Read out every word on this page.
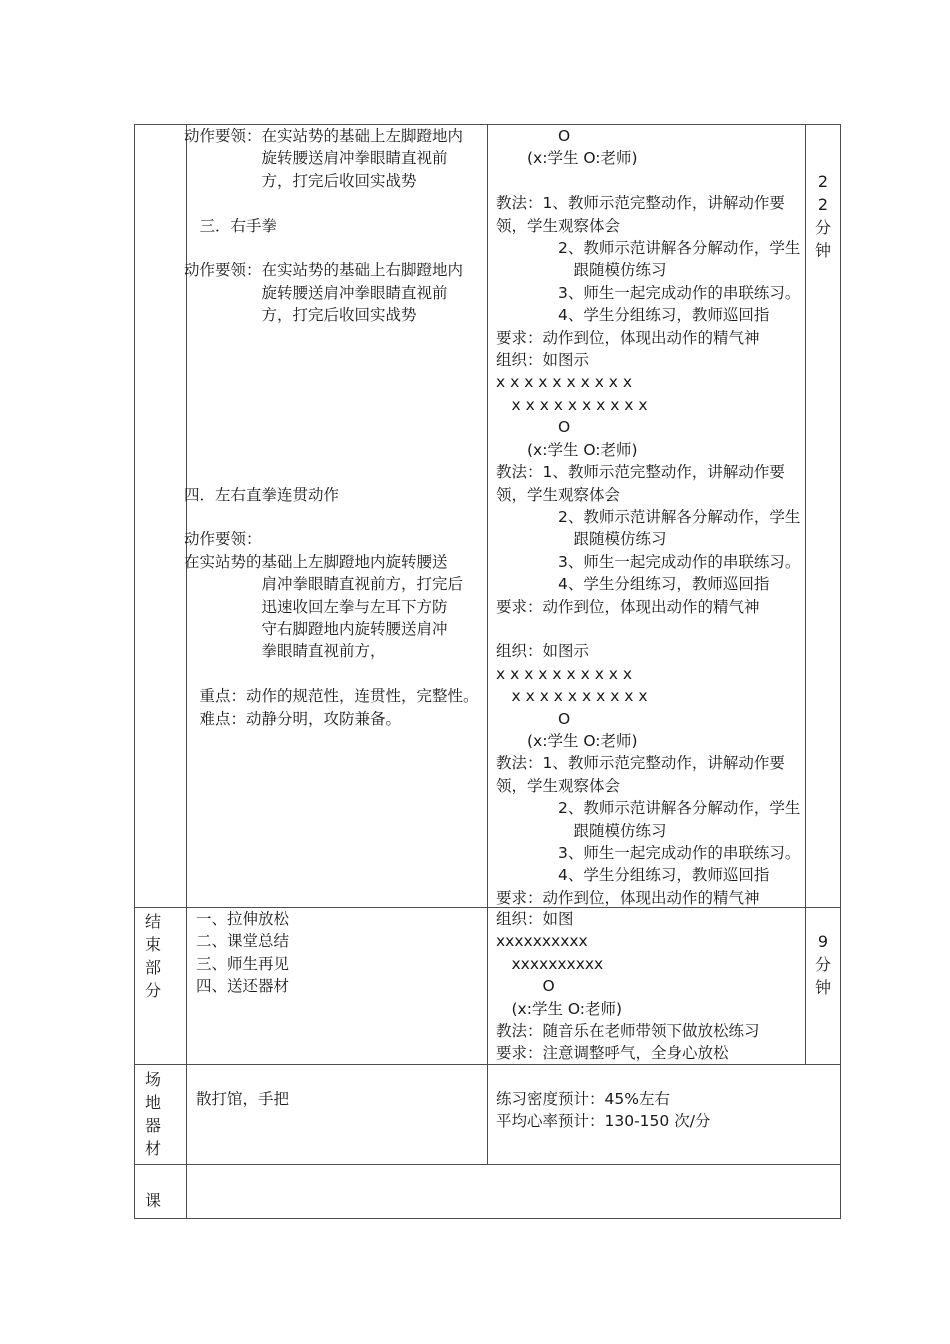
动作要领：在实站势的基础上左脚蹬地内
　　　　　旋转腰送肩冲拳眼睛直视前
　　　　　方，打完后收回实战势

　三．右手拳

动作要领：在实站势的基础上右脚蹬地内
　　　　　旋转腰送肩冲拳眼睛直视前
　　　　　方，打完后收回实战势

四．左右直拳连贯动作

动作要领：
在实站势的基础上左脚蹬地内旋转腰送
　　　　　肩冲拳眼睛直视前方，打完后
　　　　　迅速收回左拳与左耳下方防
　　　　　守右脚蹬地内旋转腰送肩冲
　　　　　拳眼睛直视前方，

　重点：动作的规范性，连贯性，完整性。
　难点：动静分明，攻防兼备。
　　　　O
　　(x:学生 O:老师)

教法：1、教师示范完整动作，讲解动作要
领，学生观察体会
　　　　2、教师示范讲解各分解动作，学生
　　　　　跟随模仿练习
　　　　3、师生一起完成动作的串联练习。
　　　　4、学生分组练习，教师巡回指
要求：动作到位，体现出动作的精气神
组织：如图示
x x x x x x x x x x
　x x x x x x x x x x
　　　　O
　　(x:学生 O:老师)
教法：1、教师示范完整动作，讲解动作要
领，学生观察体会
　　　　2、教师示范讲解各分解动作，学生
　　　　　跟随模仿练习
　　　　3、师生一起完成动作的串联练习。
　　　　4、学生分组练习，教师巡回指
要求：动作到位，体现出动作的精气神

组织：如图示
x x x x x x x x x x
　x x x x x x x x x x
　　　　O
　　(x:学生 O:老师)
教法：1、教师示范完整动作，讲解动作要
领，学生观察体会
　　　　2、教师示范讲解各分解动作，学生
　　　　　跟随模仿练习
　　　　3、师生一起完成动作的串联练习。
　　　　4、学生分组练习，教师巡回指
要求：动作到位，体现出动作的精气神
2
2
分
钟
结
束
部
分
一、拉伸放松
二、课堂总结
三、师生再见
四、送还器材
组织：如图
xxxxxxxxxx
　xxxxxxxxxx
　　　O
　(x:学生 O:老师)
教法：随音乐在老师带领下做放松练习
要求：注意调整呼气，全身心放松
9
分
钟
场
地
器
材
散打馆，手把	练习密度预计：45%左右
平均心率预计：130-150 次/分
课
